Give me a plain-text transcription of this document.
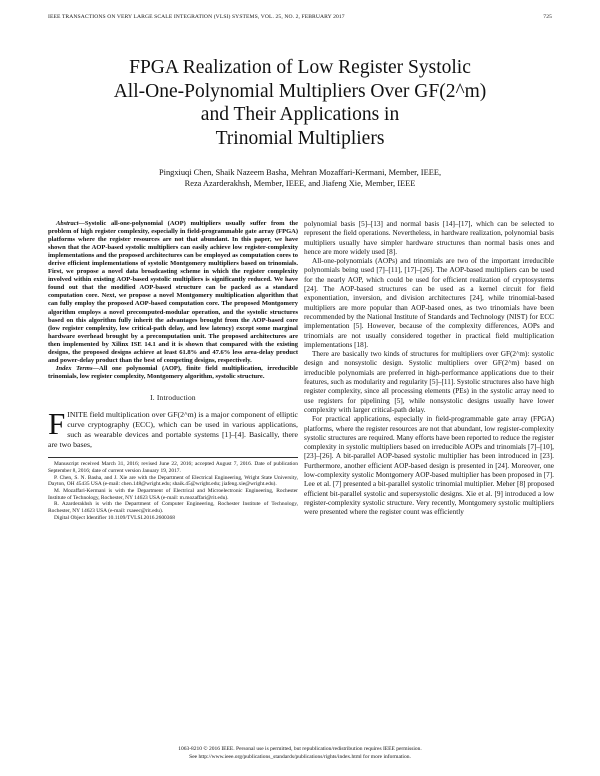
IEEE TRANSACTIONS ON VERY LARGE SCALE INTEGRATION (VLSI) SYSTEMS, VOL. 25, NO. 2, FEBRUARY 2017	725
FPGA Realization of Low Register Systolic
All-One-Polynomial Multipliers Over GF(2^m)
and Their Applications in
Trinomial Multipliers
Pingxiuqi Chen, Shaik Nazeem Basha, Mehran Mozaffari-Kermani, Member, IEEE,
Reza Azarderakhsh, Member, IEEE, and Jiafeng Xie, Member, IEEE

Abstract—Systolic all-one-polynomial (AOP) multipliers usually suffer from the problem of high register complexity, especially in field-programmable gate array (FPGA) platforms where the register resources are not that abundant. In this paper, we have shown that the AOP-based systolic multipliers can easily achieve low register-complexity implementations and the proposed architectures can be employed as computation cores to derive efficient implementations of systolic Montgomery multipliers based on trinomials. First, we propose a novel data broadcasting scheme in which the register complexity involved within existing AOP-based systolic multipliers is significantly reduced. We have found out that the modified AOP-based structure can be packed as a standard computation core. Next, we propose a novel Montgomery multiplication algorithm that can fully employ the proposed AOP-based computation core. The proposed Montgomery algorithm employs a novel precomputed-modular operation, and the systolic structures based on this algorithm fully inherit the advantages brought from the AOP-based core (low register complexity, low critical-path delay, and low latency) except some marginal hardware overhead brought by a precomputation unit. The proposed architectures are then implemented by Xilinx ISE 14.1 and it is shown that compared with the existing designs, the proposed designs achieve at least 61.8% and 47.6% less area-delay product and power-delay product than the best of competing designs, respectively.

Index Terms—All one polynomial (AOP), finite field multiplication, irreducible trinomials, low register complexity, Montgomery algorithm, systolic structure.

I. Introduction

FINITE field multiplication over GF(2^m) is a major component of elliptic curve cryptography (ECC), which can be used in various applications, such as wearable devices and portable systems [1]–[4]. Basically, there are two bases,

Manuscript received March 31, 2016; revised June 22, 2016; accepted August 7, 2016. Date of publication September 8, 2016; date of current version January 19, 2017.

P. Chen, S. N. Basha, and J. Xie are with the Department of Electrical Engineering, Wright State University, Dayton, OH 45435 USA (e-mail: chen.148@wright.edu; shaik.45@wright.edu; jiafeng.xie@wright.edu).

M. Mozaffari-Kermani is with the Department of Electrical and Microelectronic Engineering, Rochester Institute of Technology, Rochester, NY 14623 USA (e-mail: m.mozaffari@rit.edu).

R. Azarderakhsh is with the Department of Computer Engineering, Rochester Institute of Technology, Rochester, NY 14623 USA (e-mail: rxaeec@rit.edu).

Digital Object Identifier 10.1109/TVLSI.2016.2600368

polynomial basis [5]–[13] and normal basis [14]–[17], which can be selected to represent the field operations. Nevertheless, in hardware realization, polynomial basis multipliers usually have simpler hardware structures than normal basis ones and hence are more widely used [8].

All-one-polynomials (AOPs) and trinomials are two of the important irreducible polynomials being used [7]–[11], [17]–[26]. The AOP-based multipliers can be used for the nearly AOP, which could be used for efficient realization of cryptosystems [24]. The AOP-based structures can be used as a kernel circuit for field exponentiation, inversion, and division architectures [24], while trinomial-based multipliers are more popular than AOP-based ones, as two trinomials have been recommended by the National Institute of Standards and Technology (NIST) for ECC implementation [5]. However, because of the complexity differences, AOPs and trinomials are not usually considered together in practical field multiplication implementations [18].

There are basically two kinds of structures for multipliers over GF(2^m): systolic design and nonsystolic design. Systolic multipliers over GF(2^m) based on irreducible polynomials are preferred in high-performance applications due to their features, such as modularity and regularity [5]–[11]. Systolic structures also have high register complexity, since all processing elements (PEs) in the systolic array need to use registers for pipelining [5], while nonsystolic designs usually have lower complexity with larger critical-path delay.

For practical applications, especially in field-programmable gate array (FPGA) platforms, where the register resources are not that abundant, low register-complexity systolic structures are required. Many efforts have been reported to reduce the register complexity in systolic multipliers based on irreducible AOPs and trinomials [7]–[10], [23]–[26]. A bit-parallel AOP-based systolic multiplier has been introduced in [23]. Furthermore, another efficient AOP-based design is presented in [24]. Moreover, one low-complexity systolic Montgomery AOP-based multiplier has been proposed in [7]. Lee et al. [7] presented a bit-parallel systolic trinomial multiplier. Meher [8] proposed efficient bit-parallel systolic and supersystolic designs. Xie et al. [9] introduced a low register-complexity systolic structure. Very recently, Montgomery systolic multipliers were presented where the register count was efficiently

1063-8210 © 2016 IEEE. Personal use is permitted, but republication/redistribution requires IEEE permission.
See http://www.ieee.org/publications_standards/publications/rights/index.html for more information.
